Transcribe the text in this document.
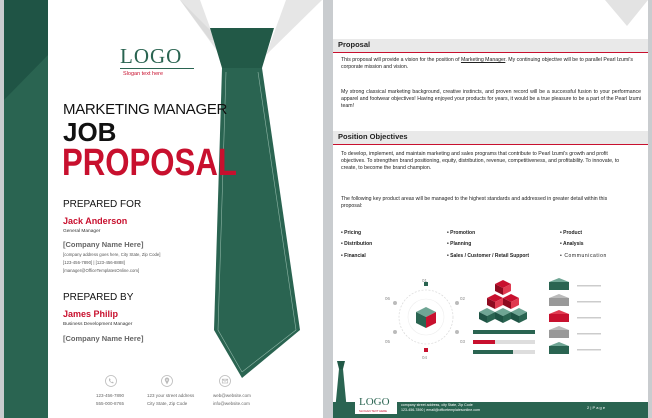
LOGO
Slogan text here
MARKETING MANAGER
JOB
PROPOSAL
PREPARED FOR
Jack Anderson
General Manager
[Company Name Here]
[company address goes here, City State, Zip Code]
[123-456-7890] | [123-456-8888]
[manager@OfficeTemplatesOnline.com]
PREPARED BY
James Philip
Business Development Manager
[Company Name Here]
123-456-7890
555-000-8765
123 your street address
City State, Zip Code
web@website.com
info@website.com
Proposal
This proposal will provide a vision for the position of Marketing Manager. My continuing objective will be to parallel Pearl Izumi's corporate mission and vision.
My strong classical marketing background, creative instincts, and proven record will be a successful fusion to your performance apparel and footwear objectives! Having enjoyed your products for years, it would be a true pleasure to be a part of the Pearl Izumi team!
Position Objectives
To develop, implement, and maintain marketing and sales programs that contribute to Pearl Izumi's growth and profit objectives. To strengthen brand positioning, equity, distribution, revenue, competitiveness, and profitability. To innovate, to create, to become the brand champion.
The following key product areas will be managed to the highest standards and addressed in greater detail within this proposal:
• Pricing	• Promotion	• Product
• Distribution	• Planning	• Analysis
• Financial	• Sales / Customer / Retail Support	• Communication
01
02
03
04
05
06
LOGO
SLOGAN TEXT HERE
company street address, city State, Zip Code
123-456-7890 | email@officetemplatesonline.com	2 | P a g e
